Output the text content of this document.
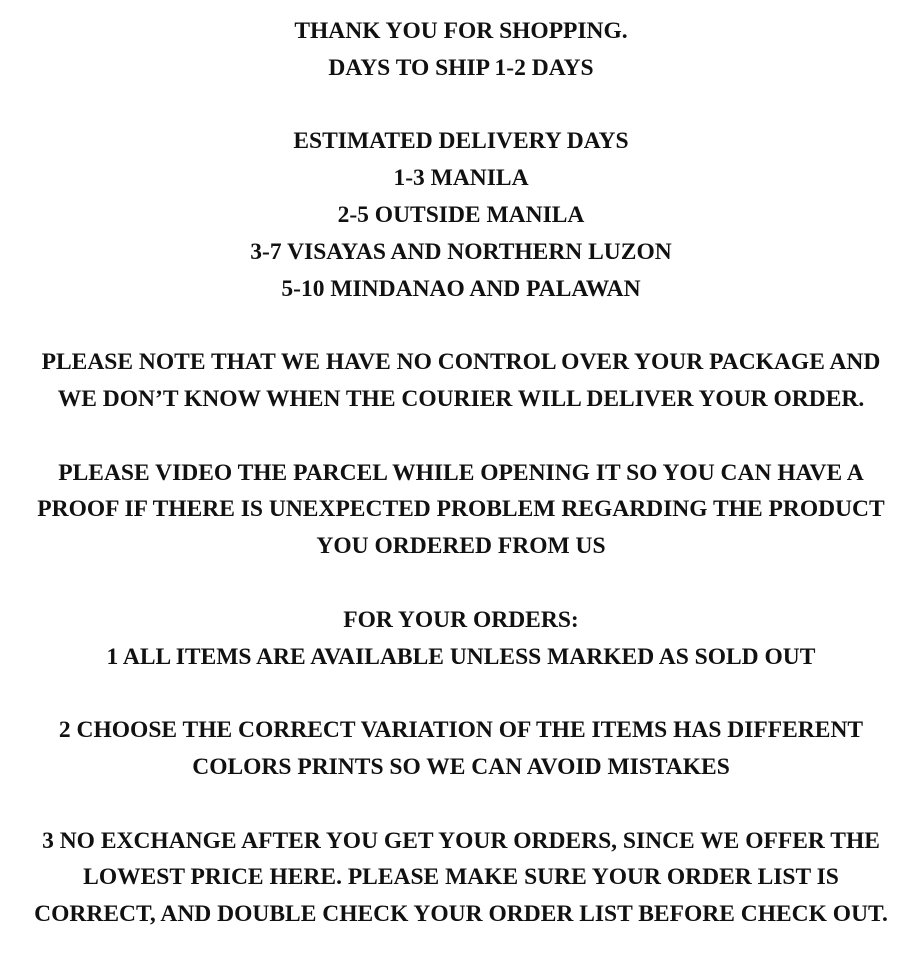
THANK YOU FOR SHOPPING.

DAYS TO SHIP 1-2 DAYS

ESTIMATED DELIVERY DAYS

1-3 MANILA

2-5 OUTSIDE MANILA

3-7 VISAYAS AND NORTHERN LUZON

5-10 MINDANAO AND PALAWAN

PLEASE NOTE THAT WE HAVE NO CONTROL OVER YOUR PACKAGE AND

WE DON’T KNOW WHEN THE COURIER WILL DELIVER YOUR ORDER.

PLEASE VIDEO THE PARCEL WHILE OPENING IT SO YOU CAN HAVE A

PROOF IF THERE IS UNEXPECTED PROBLEM REGARDING THE PRODUCT

YOU ORDERED FROM US

FOR YOUR ORDERS:

1 ALL ITEMS ARE AVAILABLE UNLESS MARKED AS SOLD OUT

2 CHOOSE THE CORRECT VARIATION OF THE ITEMS HAS DIFFERENT

COLORS PRINTS SO WE CAN AVOID MISTAKES

3 NO EXCHANGE AFTER YOU GET YOUR ORDERS, SINCE WE OFFER THE

LOWEST PRICE HERE. PLEASE MAKE SURE YOUR ORDER LIST IS

CORRECT, AND DOUBLE CHECK YOUR ORDER LIST BEFORE CHECK OUT.
